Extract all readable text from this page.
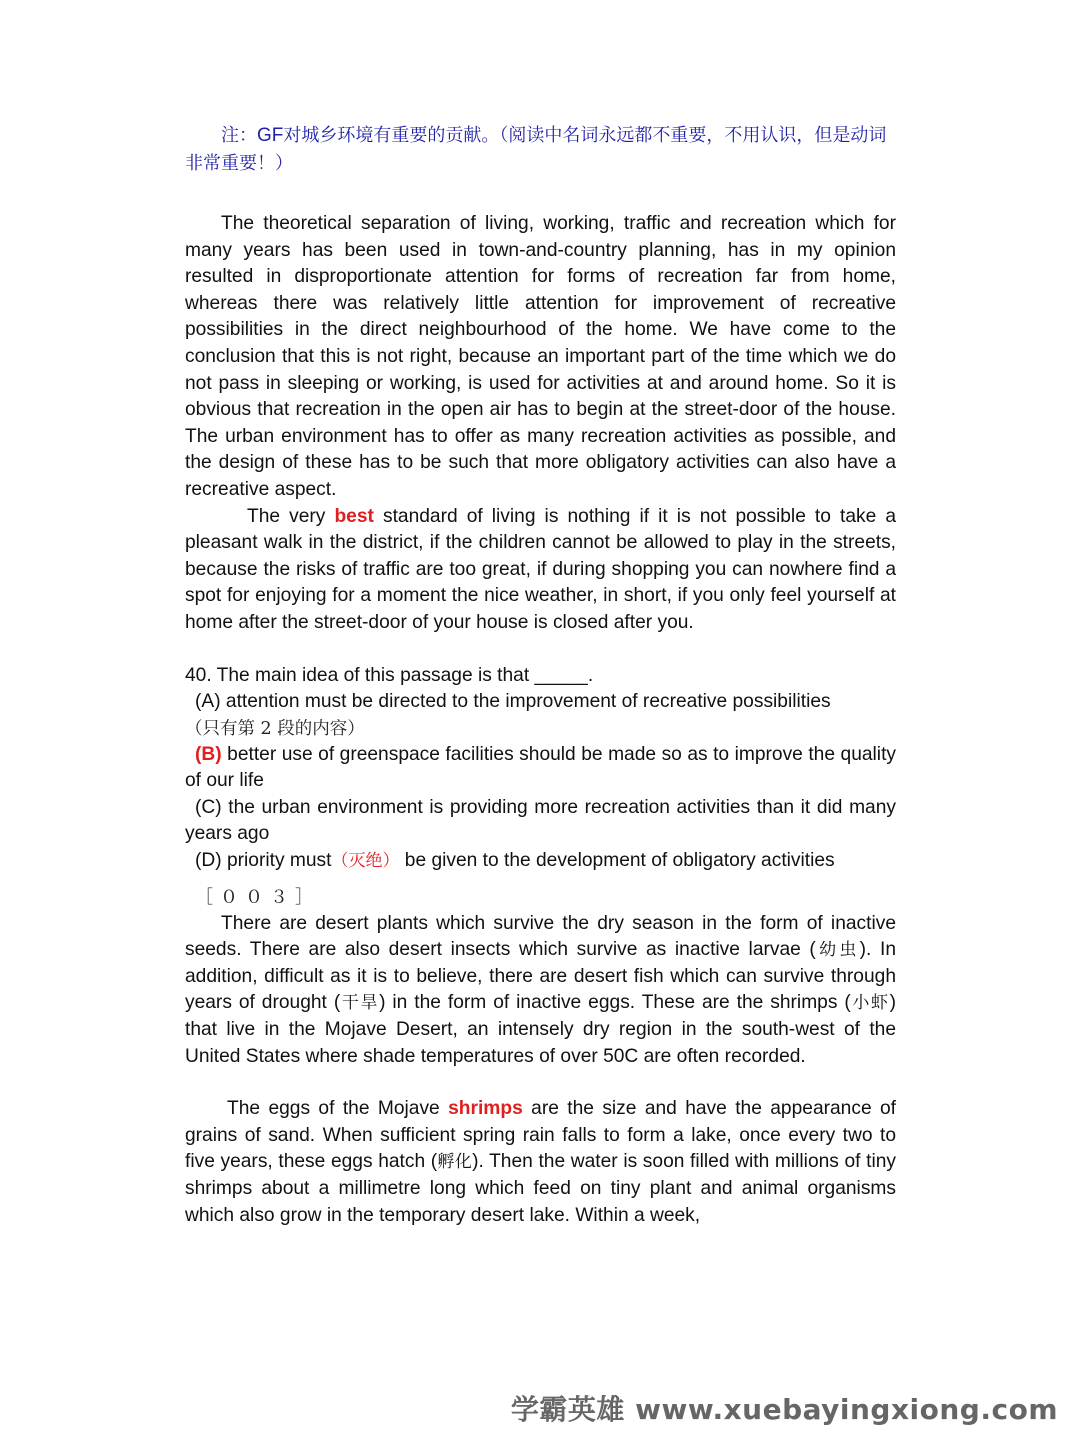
注：GF对城乡环境有重要的贡献。（阅读中名词永远都不重要，不用认识，但是动词非常重要！）

The theoretical separation of living, working, traffic and recreation which for many years has been used in town-and-country planning, has in my opinion resulted in disproportionate attention for forms of recreation far from home, whereas there was relatively little attention for improvement of recreative possibilities in the direct neighbourhood of the home. We have come to the conclusion that this is not right, because an important part of the time which we do not pass in sleeping or working, is used for activities at and around home. So it is obvious that recreation in the open air has to begin at the street-door of the house. The urban environment has to offer as many recreation activities as possible, and the design of these has to be such that more obligatory activities can also have a recreative aspect.

The very best standard of living is nothing if it is not possible to take a pleasant walk in the district, if the children cannot be allowed to play in the streets, because the risks of traffic are too great, if during shopping you can nowhere find a spot for enjoying for a moment the nice weather, in short, if you only feel yourself at home after the street-door of your house is closed after you.

40. The main idea of this passage is that _____.

(A) attention must be directed to the improvement of recreative possibilities

（只有第 2 段的内容）

(B) better use of greenspace facilities should be made so as to improve the quality of our life

(C) the urban environment is providing more recreation activities than it did many years ago

(D) priority must（灭绝） be given to the development of obligatory activities

［００３］

There are desert plants which survive the dry season in the form of inactive seeds. There are also desert insects which survive as inactive larvae (幼虫). In addition, difficult as it is to believe, there are desert fish which can survive through years of drought (干旱) in the form of inactive eggs. These are the shrimps (小虾) that live in the Mojave Desert, an intensely dry region in the south-west of the United States where shade temperatures of over 50C are often recorded.

The eggs of the Mojave shrimps are the size and have the appearance of grains of sand. When sufficient spring rain falls to form a lake, once every two to five years, these eggs hatch (孵化). Then the water is soon filled with millions of tiny shrimps about a millimetre long which feed on tiny plant and animal organisms which also grow in the temporary desert lake. Within a week,

学霸英雄 www.xuebayingxiong.com
